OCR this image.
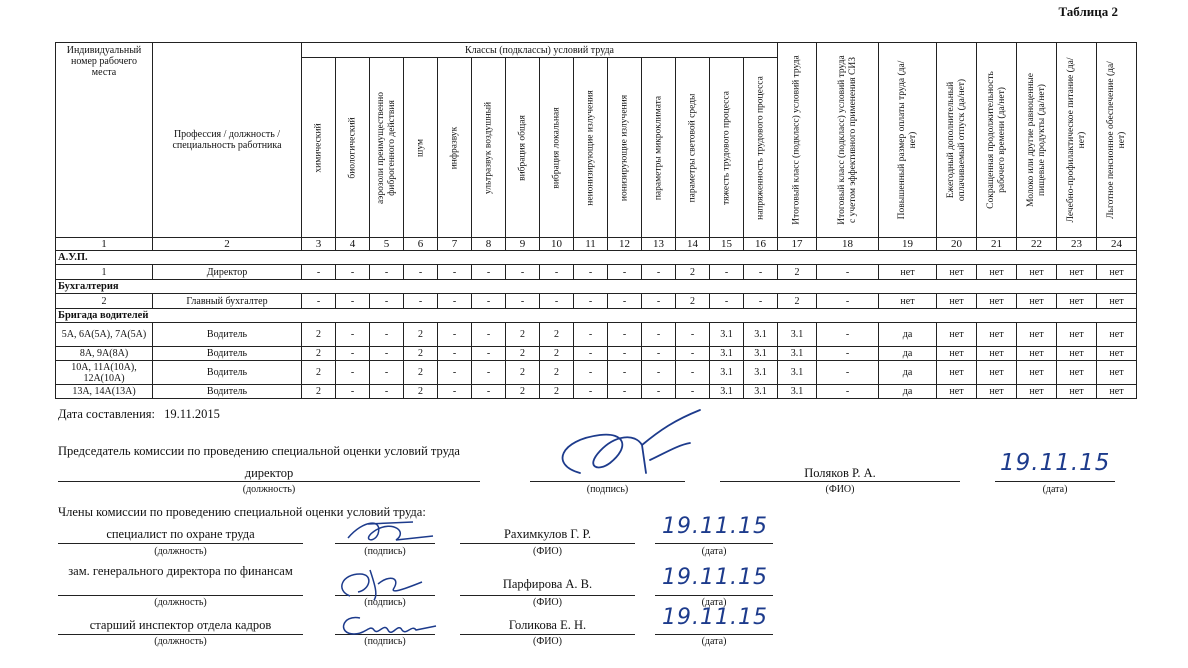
Таблица 2
Индивидуальный номер рабочего места	Профессия / должность / специальность работника	Классы (подклассы) условий труда														Итоговый класс (подкласс) условий труда	Итоговый класс (подкласс) условий труда с учетом эффективного применения СИЗ	Повышенный размер оплаты труда (да/нет)	Ежегодный дополнительный оплачиваемый отпуск (да/нет)	Сокращенная продолжительность рабочего времени (да/нет)	Молоко или другие равноценные пищевые продукты (да/нет)	Лечебно-профилактическое питание (да/нет)	Льготное пенсионное обеспечение (да/нет)

		химический	биологический	аэрозоли преимущественно фиброгенного действия	шум	инфразвук	ультразвук воздушный	вибрация общая	вибрация локальная	неионизирующие излучения	ионизирующие излучения	параметры микроклимата	параметры световой среды	тяжесть трудового процесса	напряженность трудового процесса								

1	2	3	4	5	6	7	8	9	10	11	12	13	14	15	16	17	18	19	20	21	22	23	24
А.У.П.																							
1	Директор	-	-	-	-	-	-	-	-	-	-	-	2	-	-	2	-	нет	нет	нет	нет	нет	нет
Бухгалтерия																							
2	Главный бухгалтер	-	-	-	-	-	-	-	-	-	-	-	2	-	-	2	-	нет	нет	нет	нет	нет	нет
Бригада водителей																							
5А, 6А(5А), 7А(5А)	Водитель	2	-	-	2	-	-	2	2	-	-	-	-	3.1	3.1	3.1	-	да	нет	нет	нет	нет	нет
8А, 9А(8А)	Водитель	2	-	-	2	-	-	2	2	-	-	-	-	3.1	3.1	3.1	-	да	нет	нет	нет	нет	нет
10А, 11А(10А), 12А(10А)	Водитель	2	-	-	2	-	-	2	2	-	-	-	-	3.1	3.1	3.1	-	да	нет	нет	нет	нет	нет
13А, 14А(13А)	Водитель	2	-	-	2	-	-	2	2	-	-	-	-	3.1	3.1	3.1	-	да	нет	нет	нет	нет	нет
Дата составления: 19.11.2015
Председатель комиссии по проведению специальной оценки условий труда
директор
(должность)	(подпись)
Поляков Р. А.
(ФИО)
19.11.15
(дата)
Члены комиссии по проведению специальной оценки условий труда:
специалист по охране труда
(должность)	(подпись)
Рахимкулов Г. Р.
(ФИО)
19.11.15
(дата)
зам. генерального директора по финансам
(должность)	(подпись)
Парфирова А. В.
(ФИО)
19.11.15
(дата)
старший инспектор отдела кадров
(должность)	(подпись)
Голикова Е. Н.
(ФИО)
19.11.15
(дата)
